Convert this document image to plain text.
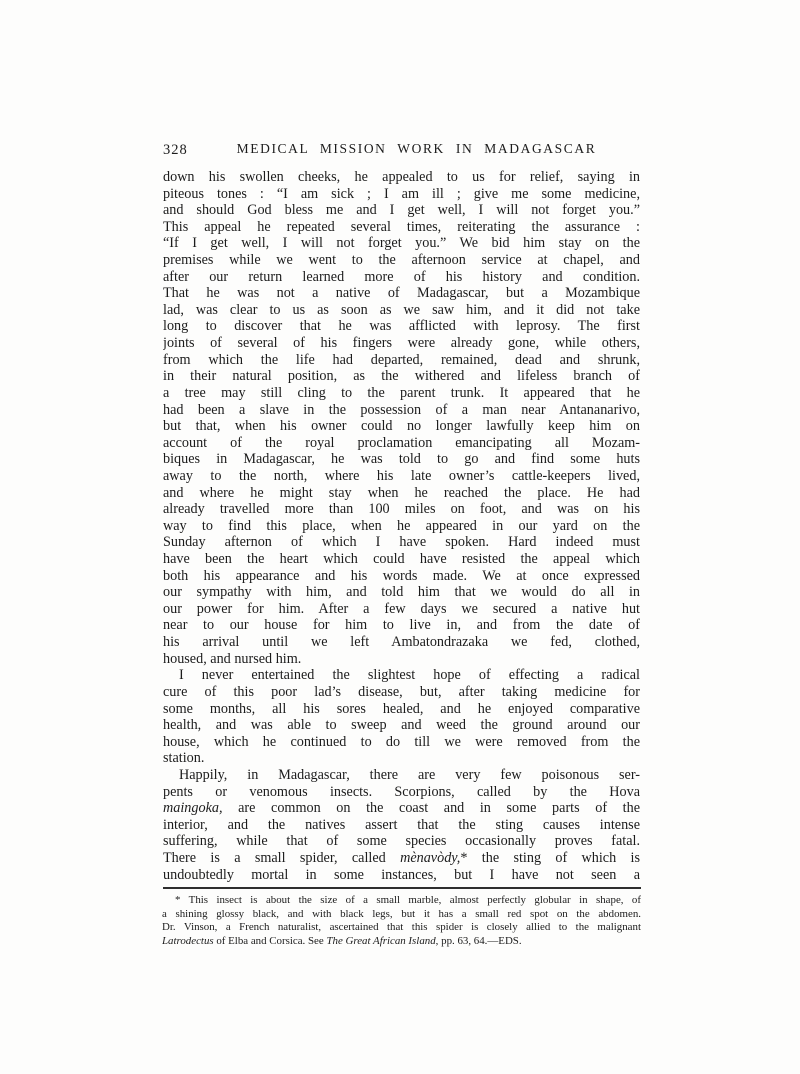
328	MEDICAL MISSION WORK IN MADAGASCAR
down his swollen cheeks, he appealed to us for relief, saying in
piteous tones : “I am sick ; I am ill ; give me some medicine,
and should God bless me and I get well, I will not forget you.”
This appeal he repeated several times, reiterating the assurance :
“If I get well, I will not forget you.” We bid him stay on the
premises while we went to the afternoon service at chapel, and
after our return learned more of his history and condition.
That he was not a native of Madagascar, but a Mozambique
lad, was clear to us as soon as we saw him, and it did not take
long to discover that he was afflicted with leprosy. The first
joints of several of his fingers were already gone, while others,
from which the life had departed, remained, dead and shrunk,
in their natural position, as the withered and lifeless branch of
a tree may still cling to the parent trunk. It appeared that he
had been a slave in the possession of a man near Antananarivo,
but that, when his owner could no longer lawfully keep him on
account of the royal proclamation emancipating all Mozam-
biques in Madagascar, he was told to go and find some huts
away to the north, where his late owner’s cattle-keepers lived,
and where he might stay when he reached the place. He had
already travelled more than 100 miles on foot, and was on his
way to find this place, when he appeared in our yard on the
Sunday afternon of which I have spoken. Hard indeed must
have been the heart which could have resisted the appeal which
both his appearance and his words made. We at once expressed
our sympathy with him, and told him that we would do all in
our power for him. After a few days we secured a native hut
near to our house for him to live in, and from the date of
his arrival until we left Ambatondrazaka we fed, clothed,
housed, and nursed him.
I never entertained the slightest hope of effecting a radical
cure of this poor lad’s disease, but, after taking medicine for
some months, all his sores healed, and he enjoyed comparative
health, and was able to sweep and weed the ground around our
house, which he continued to do till we were removed from the
station.
Happily, in Madagascar, there are very few poisonous ser-
pents or venomous insects. Scorpions, called by the Hova
maingoka, are common on the coast and in some parts of the
interior, and the natives assert that the sting causes intense
suffering, while that of some species occasionally proves fatal.
There is a small spider, called mènavòdy,* the sting of which is
undoubtedly mortal in some instances, but I have not seen a
* This insect is about the size of a small marble, almost perfectly globular in shape, of
a shining glossy black, and with black legs, but it has a small red spot on the abdomen.
Dr. Vinson, a French naturalist, ascertained that this spider is closely allied to the malignant
Latrodectus of Elba and Corsica. See The Great African Island, pp. 63, 64.—EDS.
